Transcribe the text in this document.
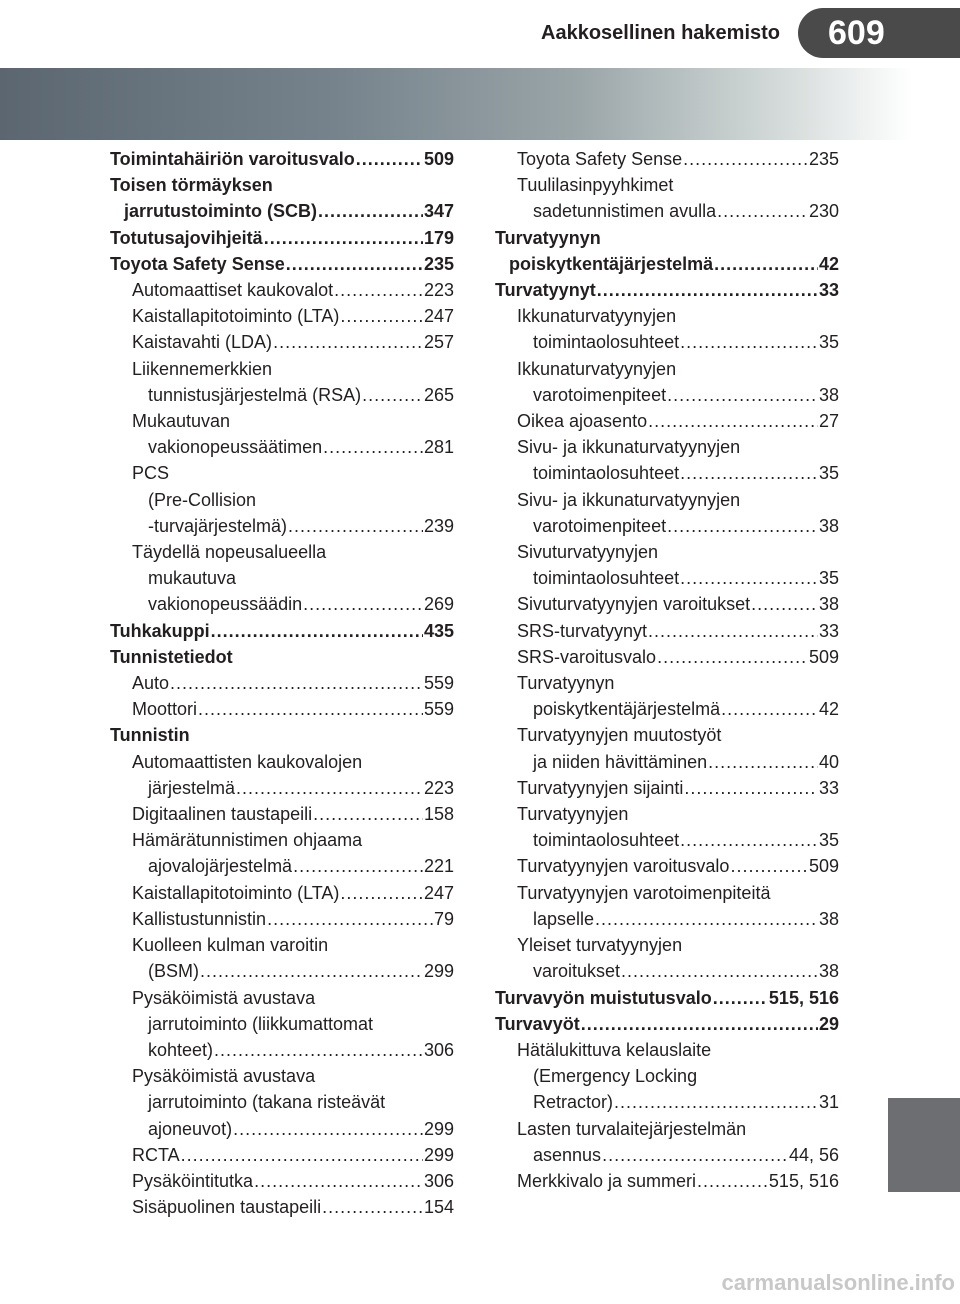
Aakkosellinen hakemisto	609
Toimintahäiriön varoitusvalo .....	509
Toisen törmäyksen
jarrutustoiminto (SCB) .....	347
Totutusajovihjeitä .....	179
Toyota Safety Sense .....	235
Automaattiset kaukovalot .....	223
Kaistallapitotoiminto (LTA) .....	247
Kaistavahti (LDA) .....	257
Liikennemerkkien
tunnistusjärjestelmä (RSA) .....	265
Mukautuvan
vakionopeussäätimen .....	281
PCS
(Pre-Collision
-turvajärjestelmä) .....	239
Täydellä nopeusalueella
mukautuva
vakionopeussäädin .....	269
Tuhkakuppi .....	435
Tunnistetiedot
Auto .....	559
Moottori .....	559
Tunnistin
Automaattisten kaukovalojen
järjestelmä .....	223
Digitaalinen taustapeili .....	158
Hämärätunnistimen ohjaama
ajovalojärjestelmä .....	221
Kaistallapitotoiminto (LTA) .....	247
Kallistustunnistin .....	79
Kuolleen kulman varoitin
(BSM) .....	299
Pysäköimistä avustava
jarrutoiminto (liikkumattomat
kohteet) .....	306
Pysäköimistä avustava
jarrutoiminto (takana risteävät
ajoneuvot) .....	299
RCTA .....	299
Pysäköintitutka .....	306
Sisäpuolinen taustapeili .....	154
Toyota Safety Sense .....	235
Tuulilasinpyyhkimet
sadetunnistimen avulla .....	230
Turvatyynyn
poiskytkentäjärjestelmä .....	42
Turvatyynyt .....	33
Ikkunaturvatyynyjen
toimintaolosuhteet .....	35
Ikkunaturvatyynyjen
varotoimenpiteet .....	38
Oikea ajoasento .....	27
Sivu- ja ikkunaturvatyynyjen
toimintaolosuhteet .....	35
Sivu- ja ikkunaturvatyynyjen
varotoimenpiteet .....	38
Sivuturvatyynyjen
toimintaolosuhteet .....	35
Sivuturvatyynyjen varoitukset .....	38
SRS-turvatyynyt .....	33
SRS-varoitusvalo .....	509
Turvatyynyn
poiskytkentäjärjestelmä .....	42
Turvatyynyjen muutostyöt
ja niiden hävittäminen .....	40
Turvatyynyjen sijainti .....	33
Turvatyynyjen
toimintaolosuhteet .....	35
Turvatyynyjen varoitusvalo .....	509
Turvatyynyjen varotoimenpiteitä
lapselle .....	38
Yleiset turvatyynyjen
varoitukset .....	38
Turvavyön muistutusvalo .....	515, 516
Turvavyöt .....	29
Hätälukittuva kelauslaite
(Emergency Locking
Retractor) .....	31
Lasten turvalaitejärjestelmän
asennus .....	44, 56
Merkkivalo ja summeri .....	515, 516
carmanualsonline.info
